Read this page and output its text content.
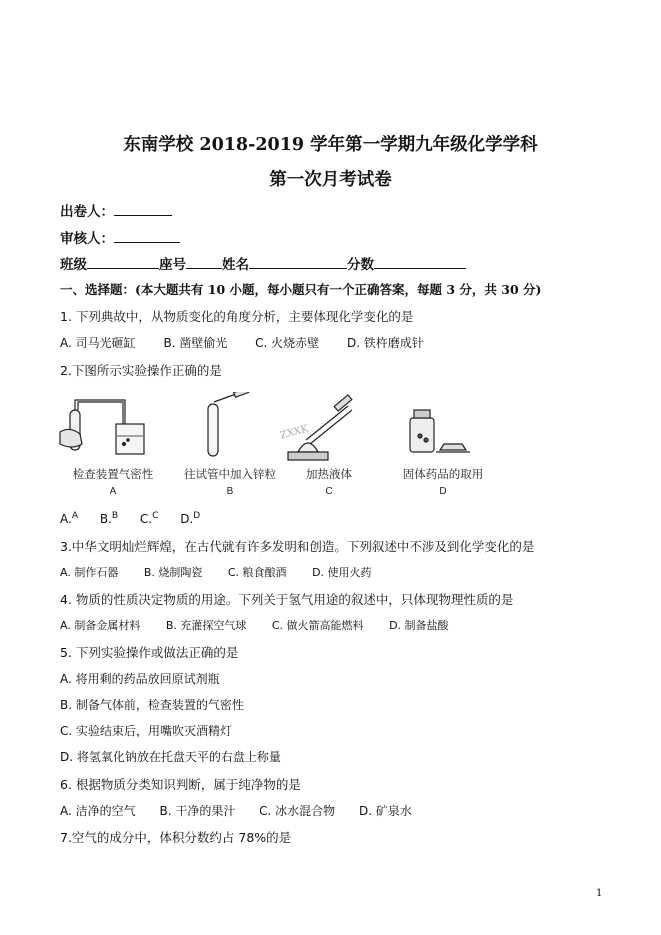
东南学校 2018-2019 学年第一学期九年级化学学科
第一次月考试卷
出卷人：
审核人：
班级	座号	姓名	分数
一、选择题：(本大题共有 10 小题，每小题只有一个正确答案，每题 3 分，共 30 分)
1. 下列典故中，从物质变化的角度分析，主要体现化学变化的是
A. 司马光砸缸 B. 凿壁偷光 C. 火烧赤壁 D. 铁杵磨成针
2.下图所示实验操作正确的是
ZXXK
检查装置气密性	往试管中加入锌粒	加热液体	固体药品的取用
A	B	C	D
A.$^A$ B.$^B$ C.$^C$ D.$^D$
3.中华文明灿烂辉煌，在古代就有许多发明和创造。下列叙述中不涉及到化学变化的是
A. 制作石器 B. 烧制陶瓷 C. 粮食酿酒 D. 使用火药
4. 物质的性质决定物质的用途。下列关于氢气用途的叙述中，只体现物理性质的是
A. 制备金属材料 B. 充灌探空气球 C. 做火箭高能燃料 D. 制备盐酸
5. 下列实验操作或做法正确的是
A. 将用剩的药品放回原试剂瓶
B. 制备气体前，检查装置的气密性
C. 实验结束后，用嘴吹灭酒精灯
D. 将氢氧化钠放在托盘天平的右盘上称量
6. 根据物质分类知识判断，属于纯净物的是
A. 洁净的空气 B. 干净的果汁 C. 冰水混合物 D. 矿泉水
7.空气的成分中，体积分数约占 78%的是
1
